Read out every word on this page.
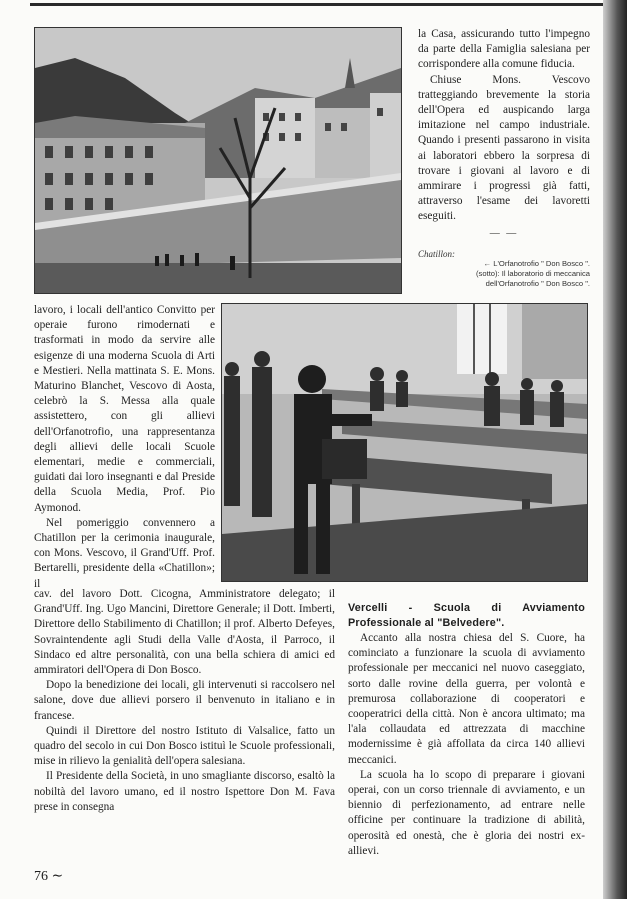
la Casa, assicurando tutto l'impegno da parte della Famiglia salesiana per corrispondere alla comune fiducia.

Chiuse Mons. Vescovo tratteggiando brevemente la storia dell'Opera ed auspicando larga imitazione nel campo industriale. Quando i presenti passarono in visita ai laboratori ebbero la sorpresa di trovare i giovani al lavoro e di ammirare i progressi già fatti, attraverso l'esame dei lavoretti eseguiti.

— —
Chatillon:
← L'Orfanotrofio " Don Bosco ".
(sotto): Il laboratorio di meccanica
dell'Orfanotrofio " Don Bosco ".

lavoro, i locali dell'antico Convitto per operaie furono rimodernati e trasformati in modo da servire alle esigenze di una moderna Scuola di Arti e Mestieri. Nella mattinata S. E. Mons. Maturino Blanchet, Vescovo di Aosta, celebrò la S. Messa alla quale assistettero, con gli allievi dell'Orfanotrofio, una rappresentanza degli allievi delle locali Scuole elementari, medie e commerciali, guidati dai loro insegnanti e dal Preside della Scuola Media, Prof. Pio Aymonod.

Nel pomeriggio convennero a Chatillon per la cerimonia inaugurale, con Mons. Vescovo, il Grand'Uff. Prof. Bertarelli, presidente della «Chatillon»; il

cav. del lavoro Dott. Cicogna, Amministratore delegato; il Grand'Uff. Ing. Ugo Mancini, Direttore Generale; il Dott. Imberti, Direttore dello Stabilimento di Chatillon; il prof. Alberto Defeyes, Sovraintendente agli Studi della Valle d'Aosta, il Parroco, il Sindaco ed altre personalità, con una bella schiera di amici ed ammiratori dell'Opera di Don Bosco.

Dopo la benedizione dei locali, gli intervenuti si raccolsero nel salone, dove due allievi porsero il benvenuto in italiano e in francese.

Quindi il Direttore del nostro Istituto di Valsalice, fatto un quadro del secolo in cui Don Bosco istituì le Scuole professionali, mise in rilievo la genialità dell'opera salesiana.

Il Presidente della Società, in uno smagliante discorso, esaltò la nobiltà del lavoro umano, ed il nostro Ispettore Don M. Fava prese in consegna

Vercelli - Scuola di Avviamento Professionale al "Belvedere".

Accanto alla nostra chiesa del S. Cuore, ha cominciato a funzionare la scuola di avviamento professionale per meccanici nel nuovo caseggiato, sorto dalle rovine della guerra, per volontà e premurosa collaborazione di cooperatori e cooperatrici della città. Non è ancora ultimato; ma l'ala collaudata ed attrezzata di macchine modernissime è già affollata da circa 140 allievi meccanici.

La scuola ha lo scopo di preparare i giovani operai, con un corso triennale di avviamento, e un biennio di perfezionamento, ad entrare nelle officine per continuare la tradizione di abilità, operosità ed onestà, che è gloria dei nostri ex-allievi.

76 ∼
